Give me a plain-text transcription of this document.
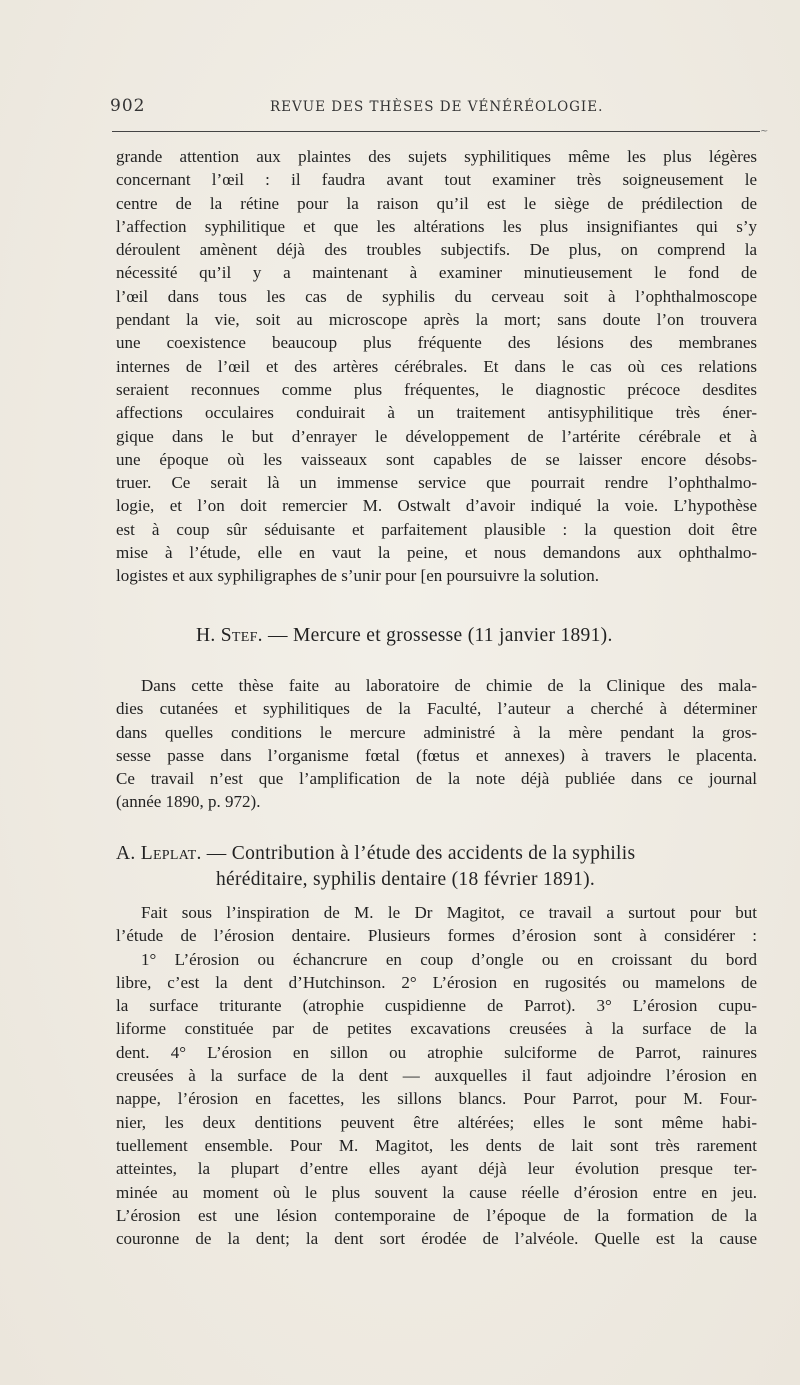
902	REVUE DES THÈSES DE VÉNÉRÉOLOGIE.
~
grande attention aux plaintes des sujets syphilitiques même les plus légères
concernant l’œil : il faudra avant tout examiner très soigneusement le
centre de la rétine pour la raison qu’il est le siège de prédilection de
l’affection syphilitique et que les altérations les plus insignifiantes qui s’y
déroulent amènent déjà des troubles subjectifs. De plus, on comprend la
nécessité qu’il y a maintenant à examiner minutieusement le fond de
l’œil dans tous les cas de syphilis du cerveau soit à l’ophthalmoscope
pendant la vie, soit au microscope après la mort; sans doute l’on trouvera
une coexistence beaucoup plus fréquente des lésions des membranes
internes de l’œil et des artères cérébrales. Et dans le cas où ces relations
seraient reconnues comme plus fréquentes, le diagnostic précoce desdites
affections occulaires conduirait à un traitement antisyphilitique très éner-
gique dans le but d’enrayer le développement de l’artérite cérébrale et à
une époque où les vaisseaux sont capables de se laisser encore désobs-
truer. Ce serait là un immense service que pourrait rendre l’ophthalmo-
logie, et l’on doit remercier M. Ostwalt d’avoir indiqué la voie. L’hypothèse
est à coup sûr séduisante et parfaitement plausible : la question doit être
mise à l’étude, elle en vaut la peine, et nous demandons aux ophthalmo-
logistes et aux syphiligraphes de s’unir pour [en poursuivre la solution.
H. Stef. — Mercure et grossesse (11 janvier 1891).
Dans cette thèse faite au laboratoire de chimie de la Clinique des mala-
dies cutanées et syphilitiques de la Faculté, l’auteur a cherché à déterminer
dans quelles conditions le mercure administré à la mère pendant la gros-
sesse passe dans l’organisme fœtal (fœtus et annexes) à travers le placenta.
Ce travail n’est que l’amplification de la note déjà publiée dans ce journal
(année 1890, p. 972).
A. Leplat. — Contribution à l’étude des accidents de la syphilis
héréditaire, syphilis dentaire (18 février 1891).
Fait sous l’inspiration de M. le Dr Magitot, ce travail a surtout pour but
l’étude de l’érosion dentaire. Plusieurs formes d’érosion sont à considérer :
1° L’érosion ou échancrure en coup d’ongle ou en croissant du bord
libre, c’est la dent d’Hutchinson. 2° L’érosion en rugosités ou mamelons de
la surface triturante (atrophie cuspidienne de Parrot). 3° L’érosion cupu-
liforme constituée par de petites excavations creusées à la surface de la
dent. 4° L’érosion en sillon ou atrophie sulciforme de Parrot, rainures
creusées à la surface de la dent — auxquelles il faut adjoindre l’érosion en
nappe, l’érosion en facettes, les sillons blancs. Pour Parrot, pour M. Four-
nier, les deux dentitions peuvent être altérées; elles le sont même habi-
tuellement ensemble. Pour M. Magitot, les dents de lait sont très rarement
atteintes, la plupart d’entre elles ayant déjà leur évolution presque ter-
minée au moment où le plus souvent la cause réelle d’érosion entre en jeu.
L’érosion est une lésion contemporaine de l’époque de la formation de la
couronne de la dent; la dent sort érodée de l’alvéole. Quelle est la cause
